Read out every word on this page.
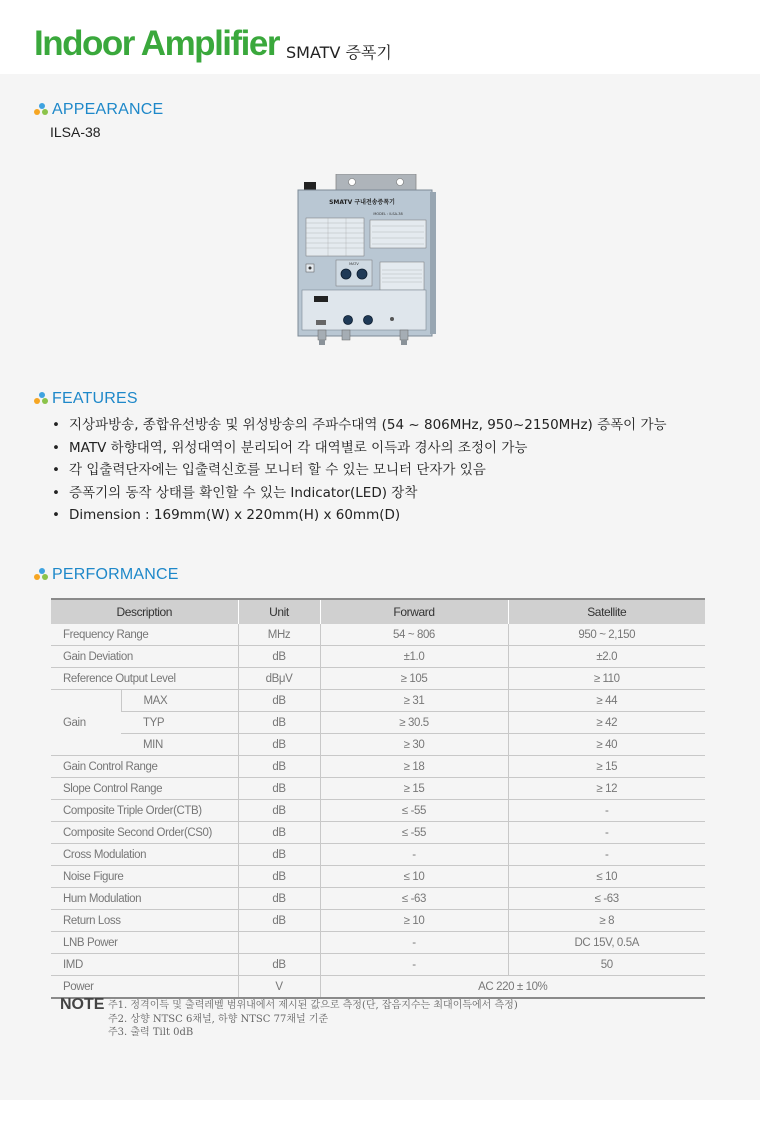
Indoor Amplifier SMATV 증폭기
APPEARANCE
ILSA-38
SMATV 구내전송증폭기
MODEL : ILSA-38
MATV
FEATURES
• 지상파방송, 종합유선방송 및 위성방송의 주파수대역 (54 ~ 806MHz, 950~2150MHz) 증폭이 가능
• MATV 하향대역, 위성대역이 분리되어 각 대역별로 이득과 경사의 조정이 가능
• 각 입출력단자에는 입출력신호를 모니터 할 수 있는 모니터 단자가 있음
• 증폭기의 동작 상태를 확인할 수 있는 Indicator(LED) 장착
• Dimension : 169mm(W) x 220mm(H) x 60mm(D)
PERFORMANCE
Description		Unit	Forward	Satellite
Frequency Range		MHz	54 ~ 806	950 ~ 2,150
Gain Deviation		dB	±1.0	±2.0
Reference Output Level		dBμV	≥ 105	≥ 110
Gain	MAX	dB	≥ 31	≥ 44
	TYP	dB	≥ 30.5	≥ 42
	MIN	dB	≥ 30	≥ 40
Gain Control Range		dB	≥ 18	≥ 15
Slope Control Range		dB	≥ 15	≥ 12
Composite Triple Order(CTB)		dB	≤ -55	-
Composite Second Order(CS0)		dB	≤ -55	-
Cross Modulation		dB	-	-
Noise Figure		dB	≤ 10	≤ 10
Hum Modulation		dB	≤ -63	≤ -63
Return Loss		dB	≥ 10	≥ 8
LNB Power			-	DC 15V, 0.5A
IMD		dB	-	50
Power		V	AC 220 ± 10%	
NOTE 주1. 정격이득 및 출력레벨 범위내에서 제시된 값으로 측정(단, 잡음지수는 최대이득에서 측정)
주2. 상향 NTSC 6채널, 하향 NTSC 77채널 기준
주3. 출력 Tilt 0dB
